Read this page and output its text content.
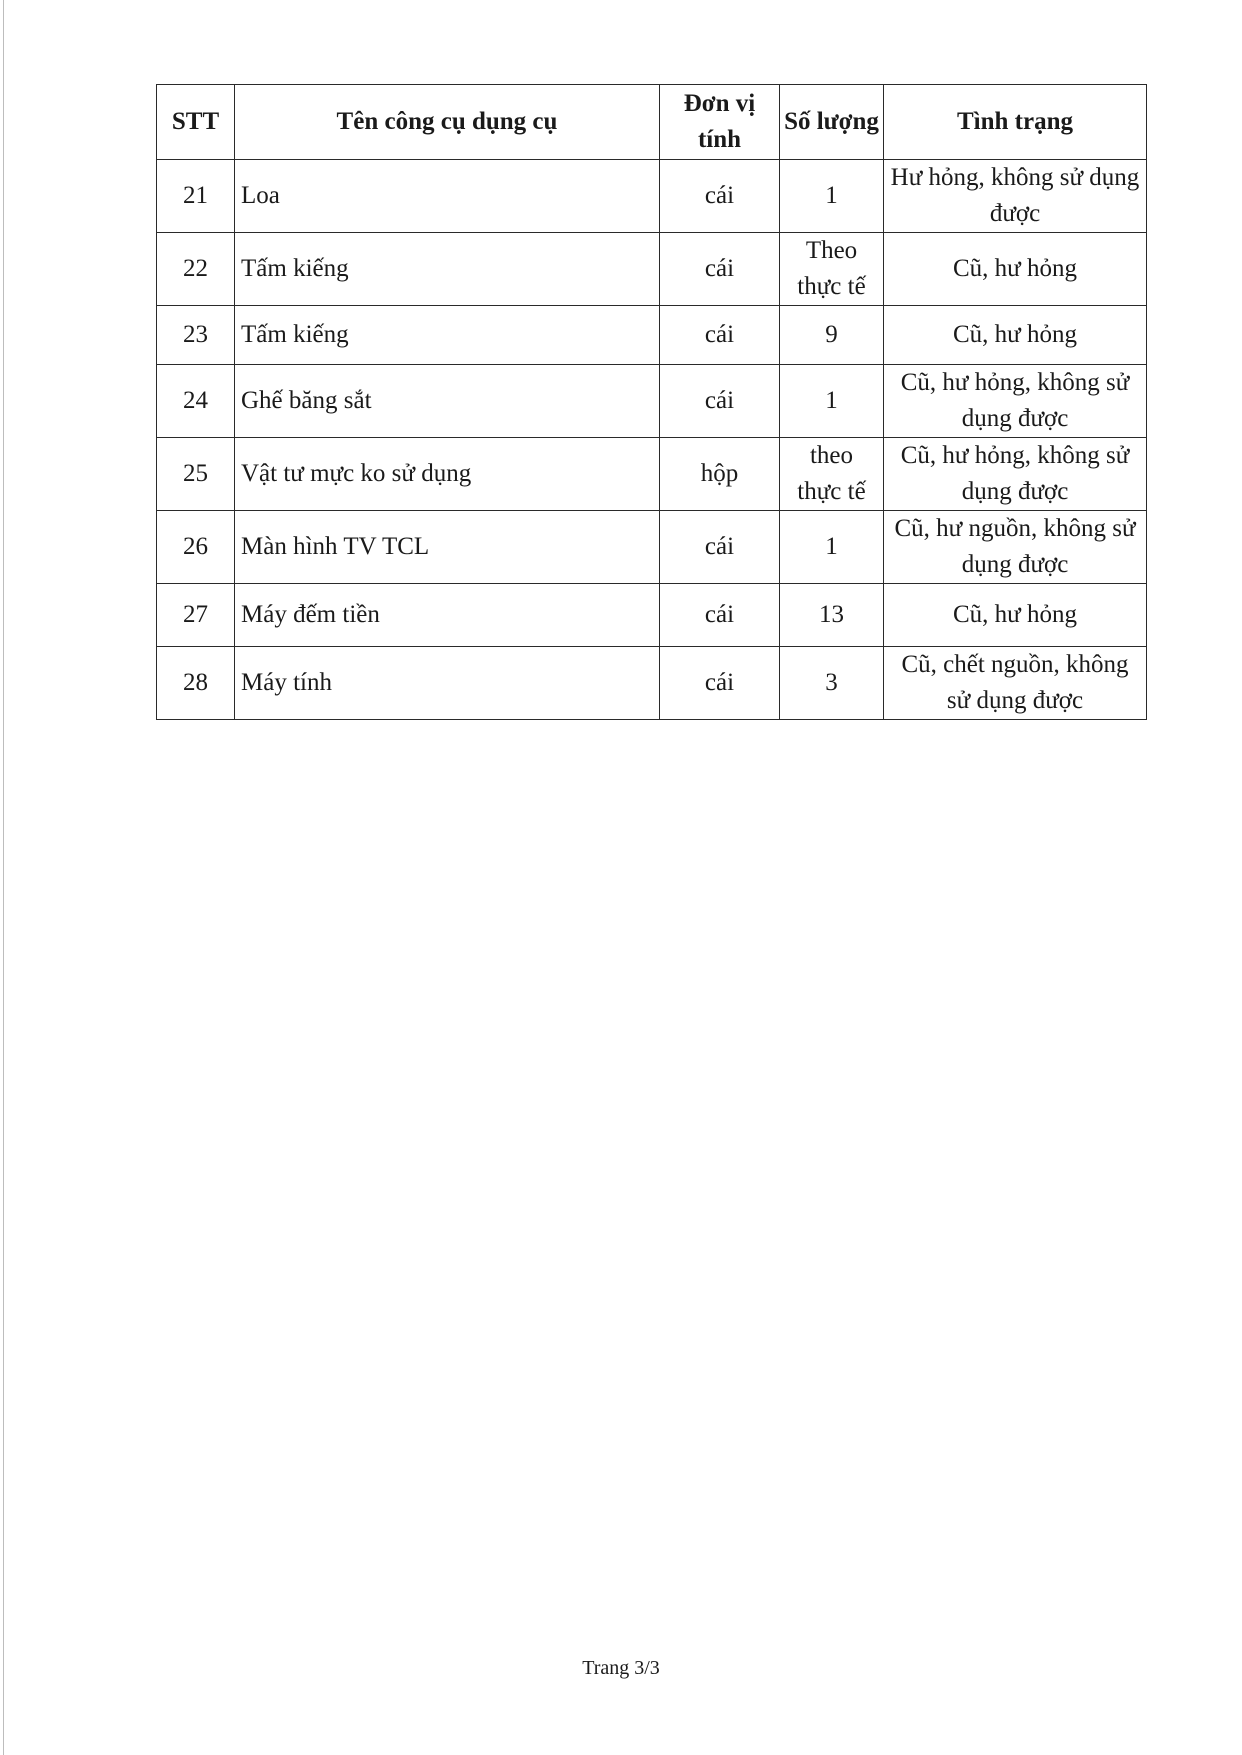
STT	Tên công cụ dụng cụ	Đơn vị tính	Số lượng	Tình trạng
21	Loa	cái	1	Hư hỏng, không sử dụng được
22	Tấm kiếng	cái	Theo thực tế	Cũ, hư hỏng
23	Tấm kiếng	cái	9	Cũ, hư hỏng
24	Ghế băng sắt	cái	1	Cũ, hư hỏng, không sử dụng được
25	Vật tư mực ko sử dụng	hộp	theo thực tế	Cũ, hư hỏng, không sử dụng được
26	Màn hình TV TCL	cái	1	Cũ, hư nguồn, không sử dụng được
27	Máy đếm tiền	cái	13	Cũ, hư hỏng
28	Máy tính	cái	3	Cũ, chết nguồn, không sử dụng được
Trang 3/3
